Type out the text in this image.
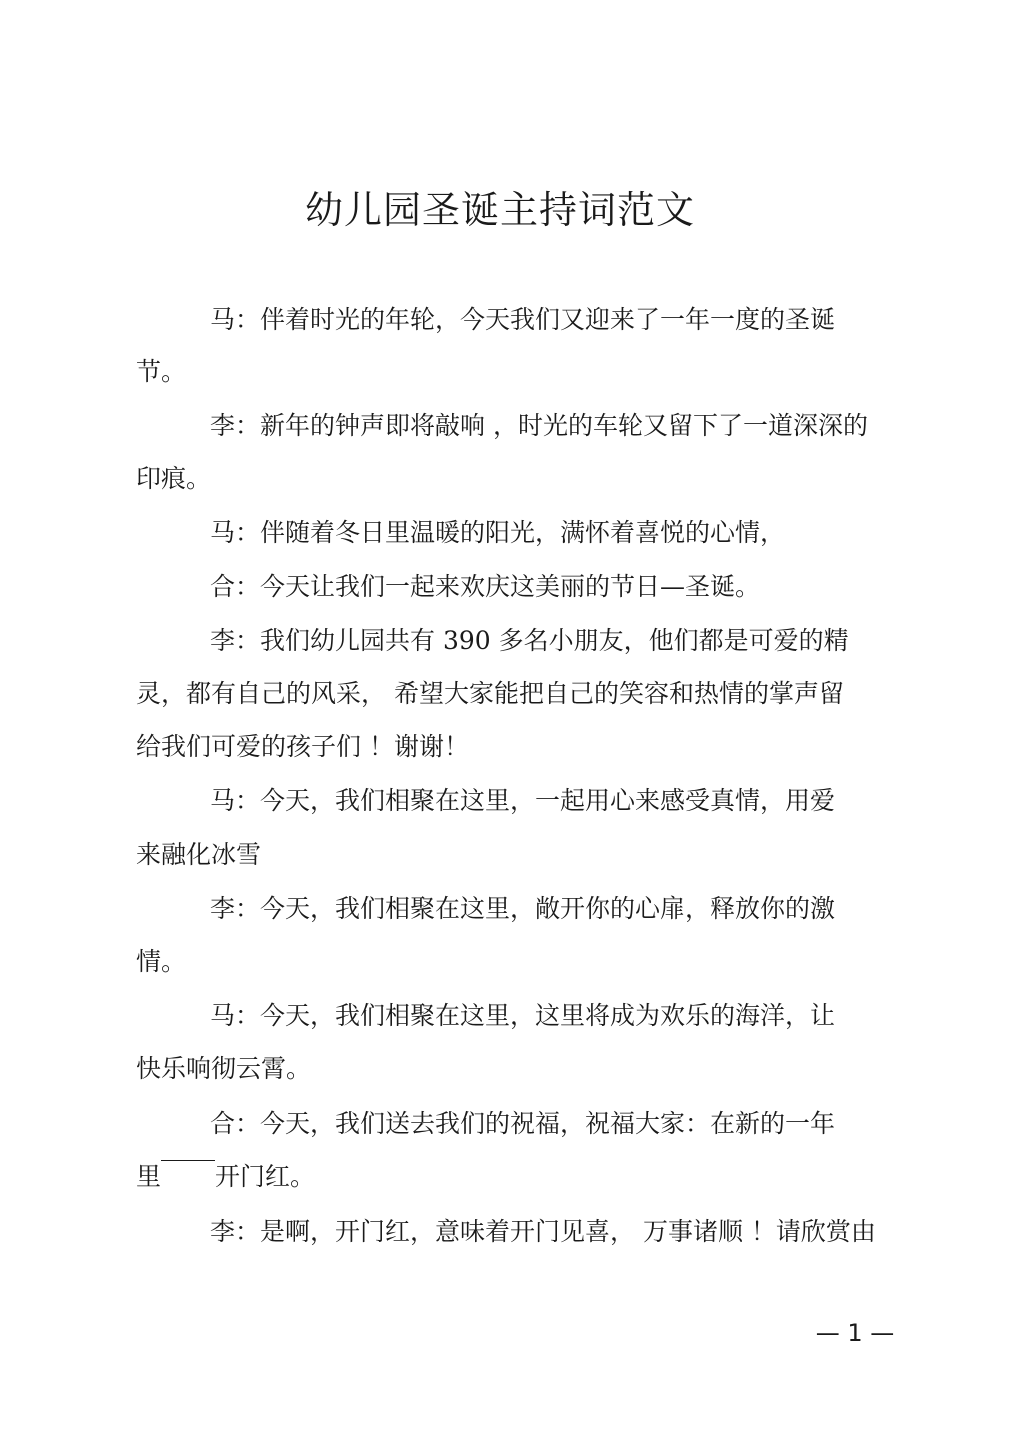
幼儿园圣诞主持词范文
马：伴着时光的年轮，今天我们又迎来了一年一度的圣诞
节。
李：新年的钟声即将敲响 ，时光的车轮又留下了一道深深的
印痕。
马：伴随着冬日里温暖的阳光，满怀着喜悦的心情，
合：今天让我们一起来欢庆这美丽的节日—圣诞。
李：我们幼儿园共有 390 多名小朋友，他们都是可爱的精
灵，都有自己的风采， 希望大家能把自己的笑容和热情的掌声留
给我们可爱的孩子们 ！谢谢！
马：今天，我们相聚在这里，一起用心来感受真情，用爱
来融化冰雪
李：今天，我们相聚在这里，敞开你的心扉，释放你的激
情。
马：今天，我们相聚在这里，这里将成为欢乐的海洋，让
快乐响彻云霄。
合：今天，我们送去我们的祝福，祝福大家：在新的一年
里 开门红。
李：是啊，开门红，意味着开门见喜， 万事诸顺 ！请欣赏由
— 1 —
